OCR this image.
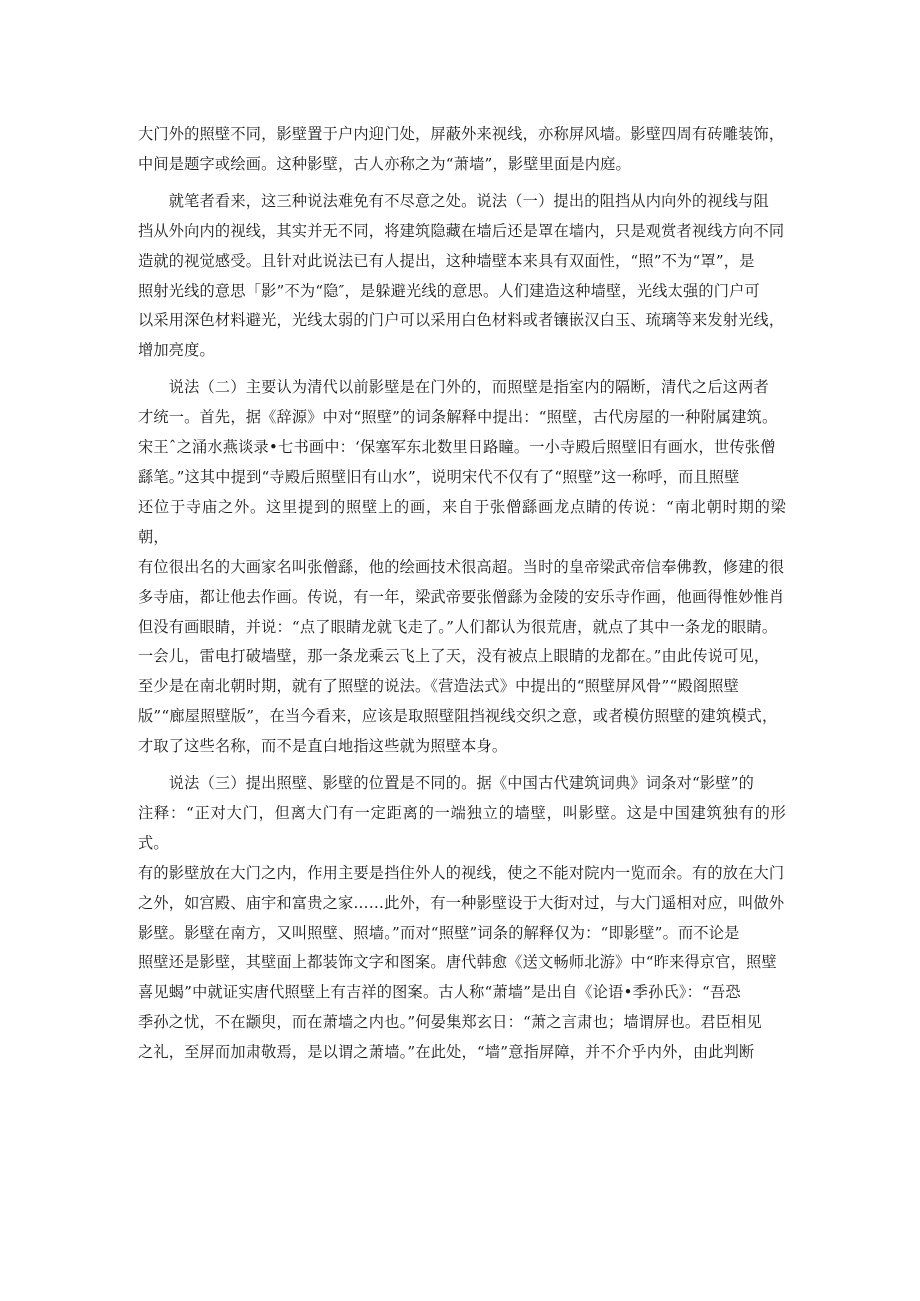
大门外的照壁不同，影壁置于户内迎门处，屏蔽外来视线，亦称屏风墙。影壁四周有砖雕装饰，
中间是题字或绘画。这种影壁，古人亦称之为“萧墙”，影壁里面是内庭。
　　就笔者看来，这三种说法难免有不尽意之处。说法（一）提出的阻挡从内向外的视线与阻
挡从外向内的视线，其实并无不同，将建筑隐藏在墙后还是罩在墙内，只是观赏者视线方向不同
造就的视觉感受。且针对此说法已有人提出，这种墙壁本来具有双面性，“照”不为“罩”，是
照射光线的意思「影”不为“隐″，是躲避光线的意思。人们建造这种墙壁，光线太强的门户可
以采用深色材料避光，光线太弱的门户可以采用白色材料或者镶嵌汉白玉、琉璃等来发射光线，
增加亮度。
　　说法（二）主要认为清代以前影壁是在门外的，而照壁是指室内的隔断，清代之后这两者
才统一。首先，据《辞源》中对“照壁”的词条解释中提出：“照壁，古代房屋的一种附属建筑。
宋王ˆ之涌水燕谈录•七书画中：‘保塞军东北数里日路瞳。一小寺殿后照壁旧有画水，世传张僧
繇笔。”这其中提到“寺殿后照壁旧有山水”，说明宋代不仅有了“照壁”这一称呼，而且照壁
还位于寺庙之外。这里提到的照壁上的画，来自于张僧繇画龙点睛的传说：“南北朝时期的梁朝，
有位很出名的大画家名叫张僧繇，他的绘画技术很高超。当时的皇帝梁武帝信奉佛教，修建的很
多寺庙，都让他去作画。传说，有一年，梁武帝要张僧繇为金陵的安乐寺作画，他画得惟妙惟肖
但没有画眼睛，并说：“点了眼睛龙就飞走了。”人们都认为很荒唐，就点了其中一条龙的眼睛。
一会儿，雷电打破墙壁，那一条龙乘云飞上了天，没有被点上眼睛的龙都在。”由此传说可见，
至少是在南北朝时期，就有了照壁的说法。《营造法式》中提出的“照壁屏风骨”“殿阁照壁
版”“廊屋照壁版”，在当今看来，应该是取照壁阻挡视线交织之意，或者模仿照壁的建筑模式，
才取了这些名称，而不是直白地指这些就为照壁本身。
　　说法（三）提出照壁、影壁的位置是不同的。据《中国古代建筑词典》词条对“影壁”的
注释：“正对大门，但离大门有一定距离的一端独立的墙壁，叫影壁。这是中国建筑独有的形式。
有的影壁放在大门之内，作用主要是挡住外人的视线，使之不能对院内一览而余。有的放在大门
之外，如宫殿、庙宇和富贵之家……此外，有一种影壁设于大街对过，与大门遥相对应，叫做外
影壁。影壁在南方，又叫照壁、照墙。”而对“照壁”词条的解释仅为：“即影壁”。而不论是
照壁还是影壁，其壁面上都装饰文字和图案。唐代韩愈《送文畅师北游》中“昨来得京官，照壁
喜见蝎”中就证实唐代照壁上有吉祥的图案。古人称“萧墙”是出自《论语•季孙氏》：“吾恐
季孙之忧，不在颛臾，而在萧墙之内也。”何晏集郑玄日：“萧之言肃也；墙谓屏也。君臣相见
之礼，至屏而加肃敬焉，是以谓之萧墙。”在此处，“墙”意指屏障，并不介乎内外，由此判断
